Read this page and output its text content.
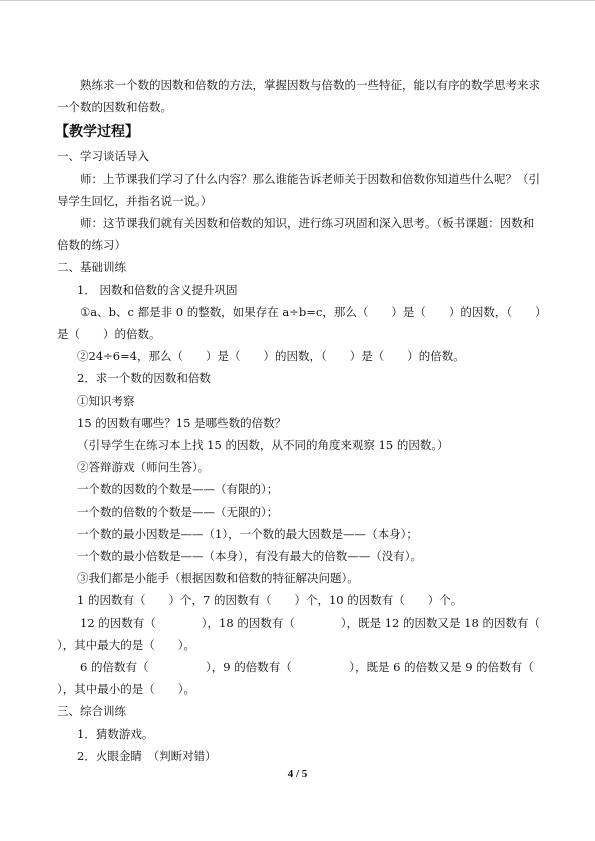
熟练求一个数的因数和倍数的方法，掌握因数与倍数的一些特征，能以有序的数学思考来求一个数的因数和倍数。

【教学过程】

一、学习谈话导入

师：上节课我们学习了什么内容？那么谁能告诉老师关于因数和倍数你知道些什么呢？（引导学生回忆，并指名说一说。）

师：这节课我们就有关因数和倍数的知识，进行练习巩固和深入思考。（板书课题：因数和倍数的练习）

二、基础训练

1． 因数和倍数的含义提升巩固

①a、b、c 都是非 0 的整数，如果存在 a÷b=c，那么（　　）是（　　）的因数，（　　）是（　　）的倍数。

②24÷6=4，那么（　　）是（　　）的因数，（　　）是（　　）的倍数。

2．求一个数的因数和倍数

①知识考察

15 的因数有哪些？15 是哪些数的倍数？

（引导学生在练习本上找 15 的因数，从不同的角度来观察 15 的因数。）

②答辩游戏（师问生答）。

一个数的因数的个数是——（有限的）；

一个数的倍数的个数是——（无限的）；

一个数的最小因数是——（1），一个数的最大因数是——（本身）；

一个数的最小倍数是——（本身），有没有最大的倍数——（没有）。

③我们都是小能手（根据因数和倍数的特征解决问题）。

1 的因数有（　　）个，7 的因数有（　　）个，10 的因数有（　　）个。

12 的因数有（　　　　），18 的因数有（　　　　），既是 12 的因数又是 18 的因数有（　　　），其中最大的是（　　）。

6 的倍数有（　　　　　），9 的倍数有（　　　　　），既是 6 的倍数又是 9 的倍数有（　　　　　），其中最小的是（　　）。

三、综合训练

1．猜数游戏。

2．火眼金睛　（判断对错）

4 / 5
